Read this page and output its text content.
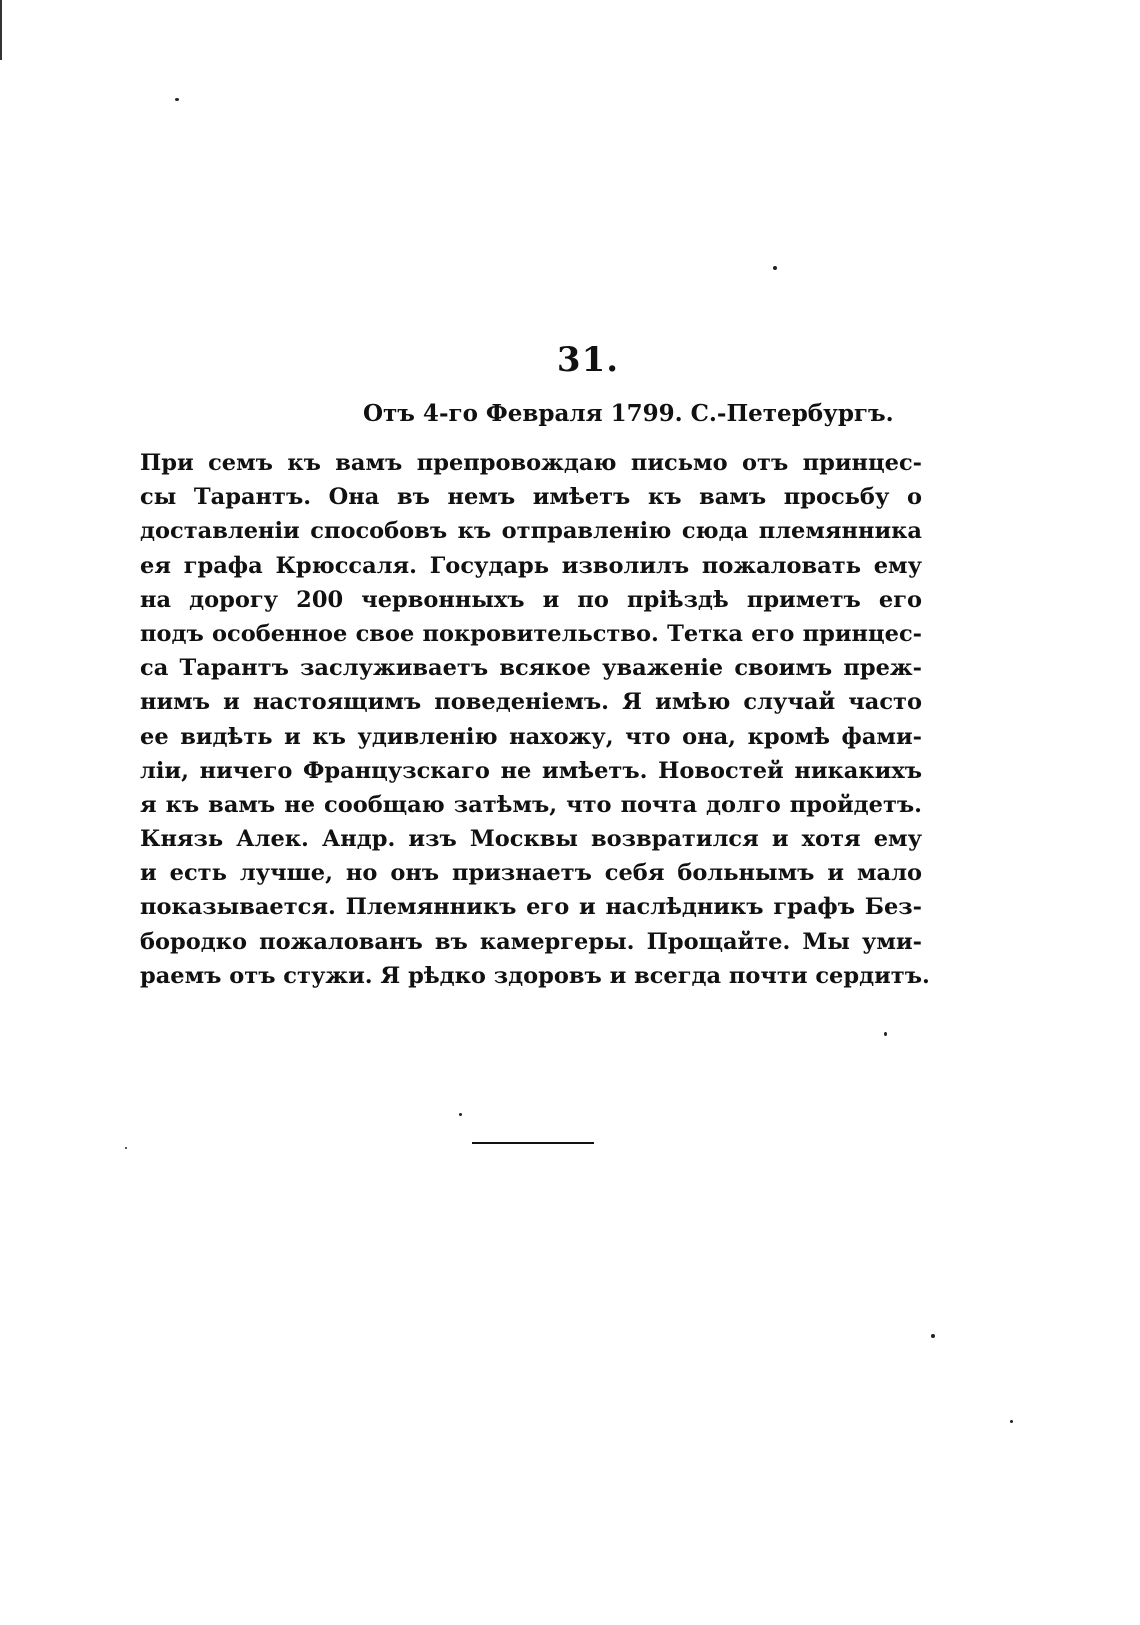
31.
Отъ 4-го Февраля 1799. С.-Петербургъ.
При семъ къ вамъ препровождаю письмо отъ принцес-
сы Тарантъ. Она въ немъ имѣетъ къ вамъ просьбу о
доставленіи способовъ къ отправленію сюда племянника
ея графа Крюссаля. Государь изволилъ пожаловать ему
на дорогу 200 червонныхъ и по пріѣздѣ приметъ его
подъ особенное свое покровительство. Тетка его принцес-
са Тарантъ заслуживаетъ всякое уваженіе своимъ преж-
нимъ и настоящимъ поведеніемъ. Я имѣю случай часто
ее видѣть и къ удивленію нахожу, что она, кромѣ фами-
ліи, ничего Французскаго не имѣетъ. Новостей никакихъ
я къ вамъ не сообщаю затѣмъ, что почта долго пройдетъ.
Князь Алек. Андр. изъ Москвы возвратился и хотя ему
и есть лучше, но онъ признаетъ себя больнымъ и мало
показывается. Племянникъ его и наслѣдникъ графъ Без-
бородко пожалованъ въ камергеры. Прощайте. Мы уми-
раемъ отъ стужи. Я рѣдко здоровъ и всегда почти сердитъ.
